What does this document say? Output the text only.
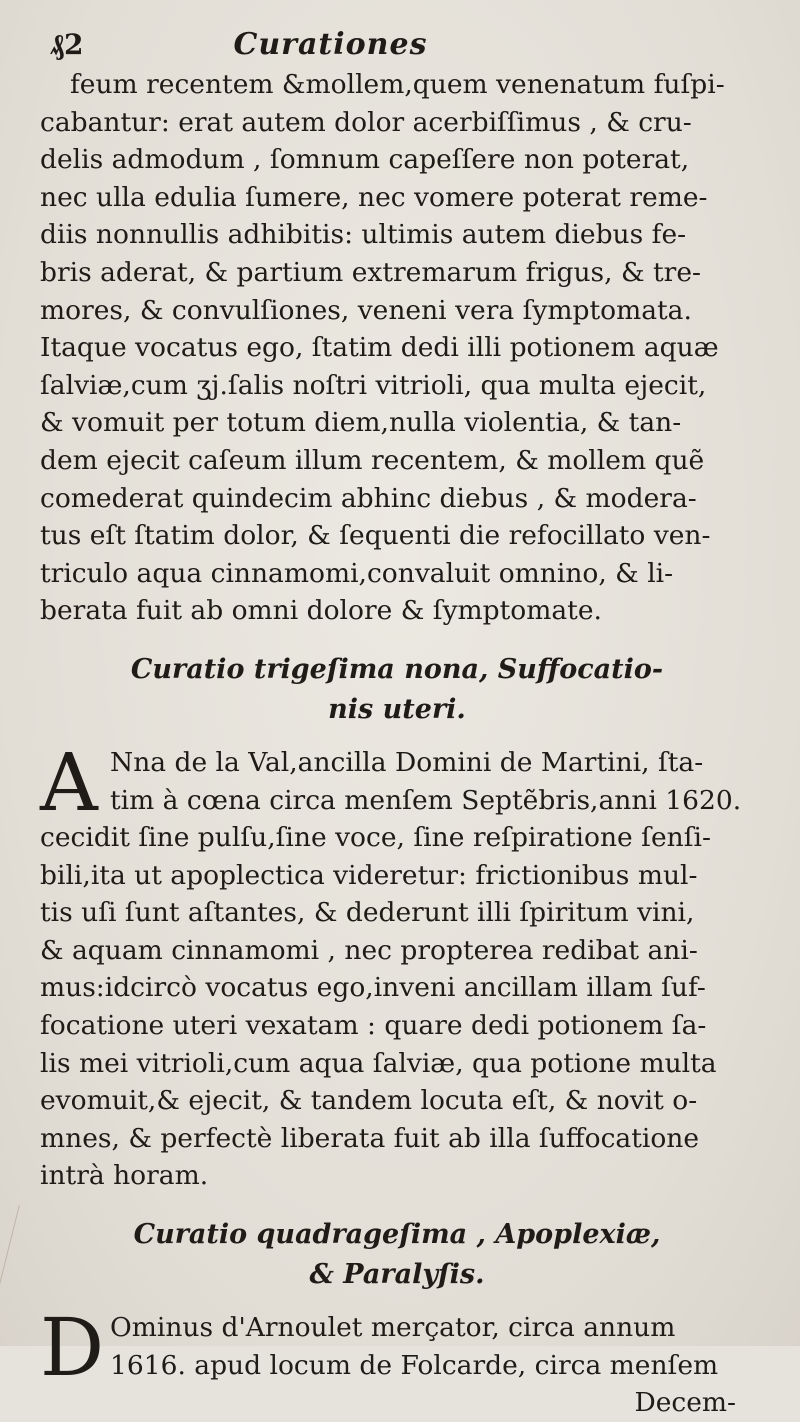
₰2	Curationes
feum recentem &mollem,quem venenatum fuſpi-
cabantur: erat autem dolor acerbiſſimus , & cru-
delis admodum , ſomnum capeſſere non poterat,
nec ulla edulia ſumere, nec vomere poterat reme-
diis nonnullis adhibitis: ultimis autem diebus fe-
bris aderat, & partium extremarum frigus, & tre-
mores, & convulſiones, veneni vera ſymptomata.
Itaque vocatus ego, ſtatim dedi illi potionem aquæ
ſalviæ,cum ʒj.ſalis noſtri vitrioli, qua multa ejecit,
& vomuit per totum diem,nulla violentia, & tan-
dem ejecit caſeum illum recentem, & mollem quẽ
comederat quindecim abhinc diebus , & modera-
tus eſt ſtatim dolor, & ſequenti die refocillato ven-
triculo aqua cinnamomi,convaluit omnino, & li-
berata fuit ab omni dolore & ſymptomate.
Curatio trigeſima nona, Suffocatio-
nis uteri.
A Nna de la Val,ancilla Domini de Martini, ſta-
tim à cœna circa menſem Septẽbris,anni 1620.
cecidit ſine pulſu,ſine voce, ſine reſpiratione ſenſi-
bili,ita ut apoplectica videretur: frictionibus mul-
tis uſi ſunt aſtantes, & dederunt illi ſpiritum vini,
& aquam cinnamomi , nec propterea redibat ani-
mus:idcircò vocatus ego,inveni ancillam illam ſuf-
focatione uteri vexatam : quare dedi potionem ſa-
lis mei vitrioli,cum aqua ſalviæ, qua potione multa
evomuit,& ejecit, & tandem locuta eſt, & novit o-
mnes, & perfectè liberata fuit ab illa ſuffocatione
intrà horam.
Curatio quadrageſima , Apoplexiæ,
& Paralyſis.
D Ominus d'Arnoulet merçator, circa annum
1616. apud locum de Folcarde, circa menſem
Decem-
